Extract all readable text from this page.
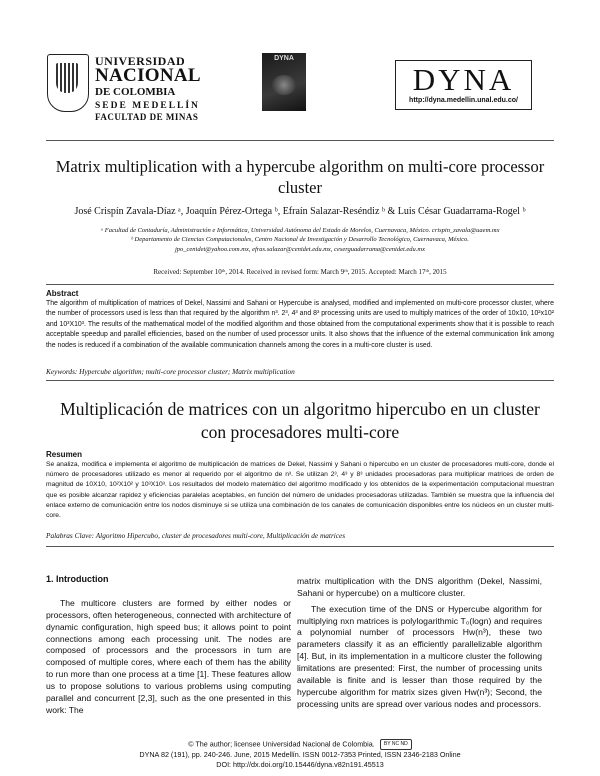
UNIVERSIDAD
NACIONAL
DE COLOMBIA
SEDE MEDELLÍN
FACULTAD DE MINAS
DYNA
DYNA
http://dyna.medellin.unal.edu.co/
Matrix multiplication with a hypercube algorithm on multi-core processor cluster
José Crispín Zavala-Díaz ᵃ, Joaquín Pérez-Ortega ᵇ, Efraín Salazar-Reséndiz ᵇ & Luis César Guadarrama-Rogel ᵇ
ᵃ Facultad de Contaduría, Administración e Informática, Universidad Autónoma del Estado de Morelos, Cuernavaca, México. crispin_zavala@uaem.mx
ᵇ Departamento de Ciencias Computacionales, Centro Nacional de Investigación y Desarrollo Tecnológico, Cuernavaca, México.
jpo_cenidet@yahoo.com.mx, efras.salazar@cenidet.edu.mx, ceserguadarrama@cenidet.edu.mx
Received: September 10ᵗʰ, 2014. Received in revised form: March 9ᵗʰ, 2015. Accepted: March 17ᵗʰ, 2015
Abstract
The algorithm of multiplication of matrices of Dekel, Nassimi and Sahani or Hypercube is analysed, modified and implemented on multi-core processor cluster, where the number of processors used is less than that required by the algorithm n³. 2³, 4³ and 8³ processing units are used to multiply matrices of the order of 10x10, 10²x10² and 10³X10³. The results of the mathematical model of the modified algorithm and those obtained from the computational experiments show that it is possible to reach acceptable speedup and parallel efficiencies, based on the number of used processor units. It also shows that the influence of the external communication link among the nodes is reduced if a combination of the available communication channels among the cores in a multi-core cluster is used.
Keywords: Hypercube algorithm; multi-core processor cluster; Matrix multiplication
Multiplicación de matrices con un algoritmo hipercubo en un cluster con procesadores multi-core
Resumen
Se analiza, modifica e implementa el algoritmo de multiplicación de matrices de Dekel, Nassimi y Sahani o hipercubo en un cluster de procesadores multi-core, donde el número de procesadores utilizado es menor al requerido por el algoritmo de n³. Se utilizan 2³, 4³ y 8³ unidades procesadoras para multiplicar matrices de orden de magnitud de 10X10, 10²X10² y 10³X10³. Los resultados del modelo matemático del algoritmo modificado y los obtenidos de la experimentación computacional muestran que es posible alcanzar rapidez y eficiencias paralelas aceptables, en función del número de unidades procesadoras utilizadas. También se muestra que la influencia del enlace externo de comunicación entre los nodos disminuye si se utiliza una combinación de los canales de comunicación disponibles entre los núcleos en un cluster multi-core.
Palabras Clave: Algoritmo Hipercubo, cluster de procesadores multi-core, Multiplicación de matrices
1. Introduction
The multicore clusters are formed by either nodes or processors, often heterogeneous, connected with architecture of dynamic configuration, high speed bus; it allows point to point connections among each processing unit. The nodes are composed of processors and the processors in turn are composed of multiple cores, where each of them has the ability to run more than one process at a time [1]. These features allow us to propose solutions to various problems using computing parallel and concurrent [2,3], such as the one presented in this work: The
matrix multiplication with the DNS algorithm (Dekel, Nassimi, Sahani or hypercube) on a multicore cluster.
The execution time of the DNS or Hypercube algorithm for multiplying nxn matrices is polylogarithmic T₀(logn) and requires a polynomial number of processors Hw(n³), these two parameters classify it as an efficiently parallelizable algorithm [4]. But, in its implementation in a multicore cluster the following limitations are presented: First, the number of processing units available is finite and is lesser than those required by the hypercube algorithm for matrix sizes given Hw(n³); Second, the processing units are spread over various nodes and processors.
© The author; licensee Universidad Nacional de Colombia. BY NC ND
DYNA 82 (191), pp. 240-246. June, 2015 Medellín. ISSN 0012-7353 Printed, ISSN 2346-2183 Online
DOI: http://dx.doi.org/10.15446/dyna.v82n191.45513
